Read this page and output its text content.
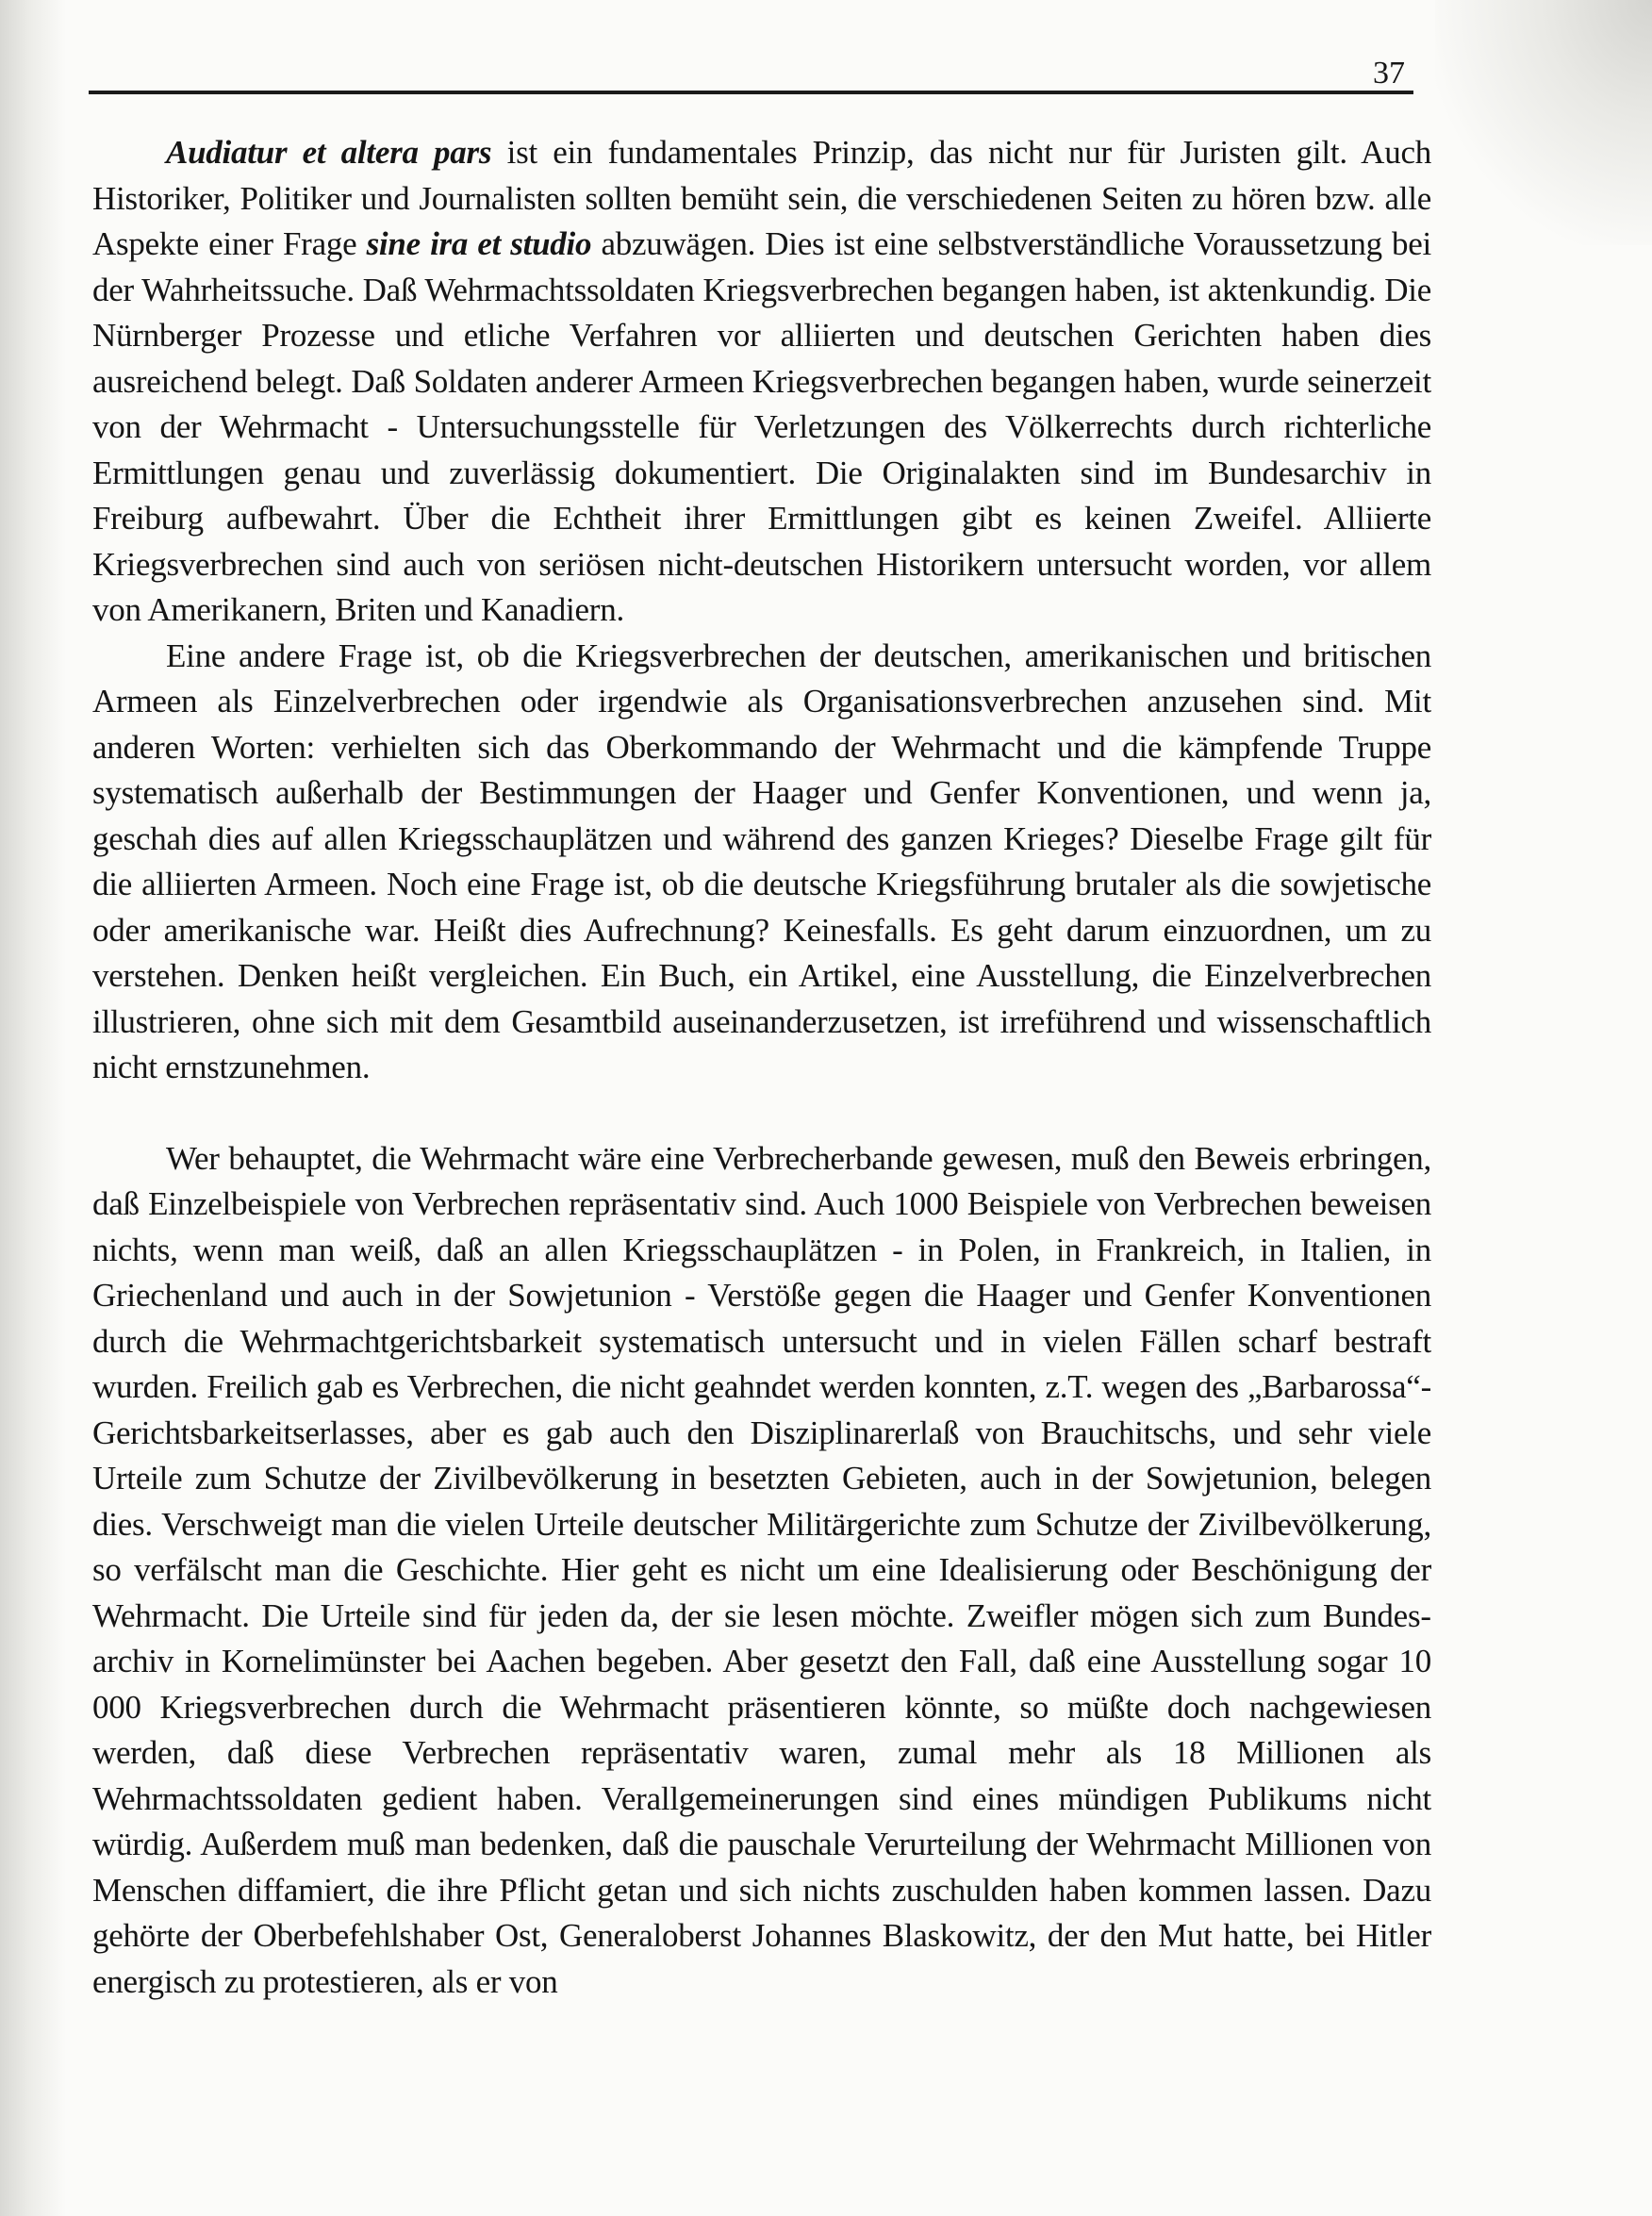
37

Audiatur et altera pars ist ein fundamentales Prinzip, das nicht nur für Juristen gilt. Auch Historiker, Politiker und Journalisten sollten bemüht sein, die verschiedenen Seiten zu hören bzw. alle Aspekte einer Frage sine ira et studio abzuwägen. Dies ist eine selbstverständliche Voraussetzung bei der Wahrheitssuche. Daß Wehrmachtssoldaten Kriegsverbrechen begangen haben, ist aktenkundig. Die Nürnberger Prozesse und etliche Verfahren vor alliierten und deutschen Gerichten haben dies ausreichend belegt. Daß Soldaten anderer Armeen Kriegsverbrechen begangen haben, wurde seinerzeit von der Wehrmacht - Untersuchungsstelle für Verletzungen des Völkerrechts durch richterliche Ermittlungen genau und zuverlässig dokumentiert. Die Originalakten sind im Bundesarchiv in Freiburg aufbewahrt. Über die Echtheit ihrer Ermittlungen gibt es keinen Zweifel. Alliierte Kriegsverbrechen sind auch von seriösen nicht-deutschen Historikern untersucht worden, vor allem von Amerikanern, Briten und Kanadiern.

Eine andere Frage ist, ob die Kriegsverbrechen der deutschen, amerikanischen und britischen Armeen als Einzelverbrechen oder irgendwie als Organisationsverbrechen anzusehen sind. Mit anderen Worten: verhielten sich das Oberkommando der Wehrmacht und die kämpfende Truppe systematisch außerhalb der Bestimmungen der Haager und Genfer Konventionen, und wenn ja, geschah dies auf allen Kriegsschauplätzen und während des ganzen Krieges? Dieselbe Frage gilt für die alliierten Armeen. Noch eine Frage ist, ob die deutsche Kriegsführung brutaler als die sowjetische oder amerikanische war. Heißt dies Aufrechnung? Keinesfalls. Es geht darum einzuordnen, um zu verstehen. Denken heißt vergleichen. Ein Buch, ein Artikel, eine Ausstellung, die Einzelverbrechen illustrieren, ohne sich mit dem Gesamtbild auseinanderzusetzen, ist irreführend und wissenschaftlich nicht ernstzunehmen.

Wer behauptet, die Wehrmacht wäre eine Verbrecherbande gewesen, muß den Beweis erbringen, daß Einzelbeispiele von Verbrechen repräsentativ sind. Auch 1000 Beispiele von Verbrechen beweisen nichts, wenn man weiß, daß an allen Kriegsschauplätzen - in Polen, in Frankreich, in Italien, in Griechenland und auch in der Sowjetunion - Verstöße gegen die Haager und Genfer Konventionen durch die Wehrmachtgerichtsbarkeit systematisch untersucht und in vielen Fällen scharf bestraft wurden. Freilich gab es Verbrechen, die nicht geahndet werden konnten, z.T. wegen des „Barbarossa“-Gerichtsbarkeitserlasses, aber es gab auch den Disziplinarerlaß von Brauchitschs, und sehr viele Urteile zum Schutze der Zivilbevölkerung in besetzten Gebieten, auch in der Sowjetunion, belegen dies. Verschweigt man die vielen Urteile deutscher Militärgerichte zum Schutze der Zivilbevölkerung, so verfälscht man die Geschichte. Hier geht es nicht um eine Idealisierung oder Beschönigung der Wehrmacht. Die Urteile sind für jeden da, der sie lesen möchte. Zweifler mögen sich zum Bundesarchiv in Kornelimünster bei Aachen begeben. Aber gesetzt den Fall, daß eine Ausstellung sogar 10 000 Kriegsverbrechen durch die Wehrmacht präsentieren könnte, so müßte doch nachgewiesen werden, daß diese Verbrechen repräsentativ waren, zumal mehr als 18 Millionen als Wehrmachtssoldaten gedient haben. Verallgemeinerungen sind eines mündigen Publikums nicht würdig. Außerdem muß man bedenken, daß die pauschale Verurteilung der Wehrmacht Millionen von Menschen diffamiert, die ihre Pflicht getan und sich nichts zuschulden haben kommen lassen. Dazu gehörte der Oberbefehlshaber Ost, Generaloberst Johannes Blaskowitz, der den Mut hatte, bei Hitler energisch zu protestieren, als er von
